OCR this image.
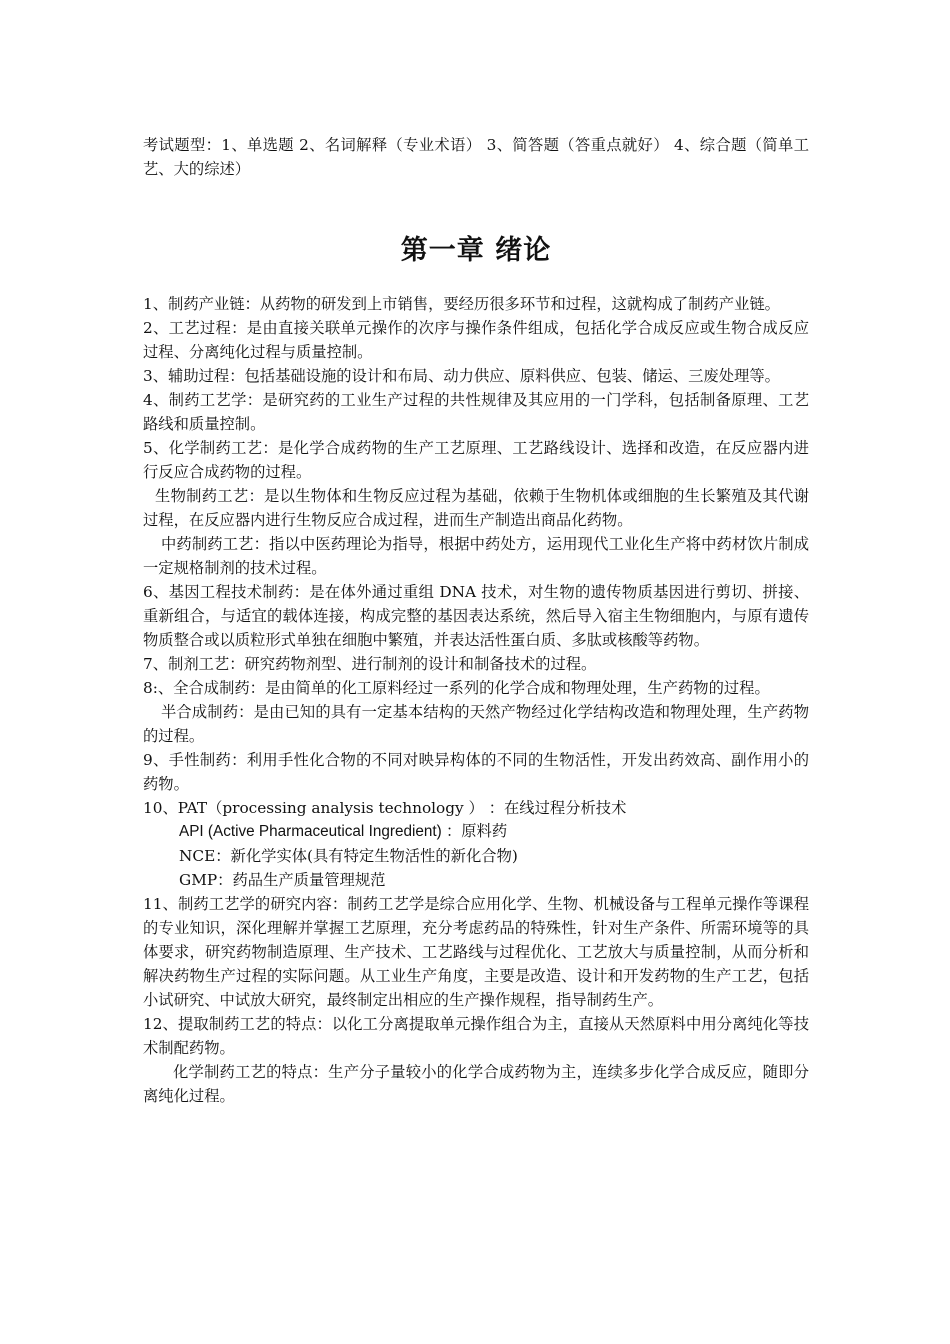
考试题型：1、单选题 2、名词解释（专业术语） 3、简答题（答重点就好） 4、综合题（简单工艺、大的综述）

第一章 绪论

1、制药产业链：从药物的研发到上市销售，要经历很多环节和过程，这就构成了制药产业链。

2、工艺过程：是由直接关联单元操作的次序与操作条件组成，包括化学合成反应或生物合成反应过程、分离纯化过程与质量控制。

3、辅助过程：包括基础设施的设计和布局、动力供应、原料供应、包装、储运、三废处理等。

4、制药工艺学：是研究药的工业生产过程的共性规律及其应用的一门学科，包括制备原理、工艺路线和质量控制。

5、化学制药工艺：是化学合成药物的生产工艺原理、工艺路线设计、选择和改造，在反应器内进行反应合成药物的过程。

生物制药工艺：是以生物体和生物反应过程为基础，依赖于生物机体或细胞的生长繁殖及其代谢过程，在反应器内进行生物反应合成过程，进而生产制造出商品化药物。

中药制药工艺：指以中医药理论为指导，根据中药处方，运用现代工业化生产将中药材饮片制成一定规格制剂的技术过程。

6、基因工程技术制药：是在体外通过重组 DNA 技术，对生物的遗传物质基因进行剪切、拼接、重新组合，与适宜的载体连接，构成完整的基因表达系统，然后导入宿主生物细胞内，与原有遗传物质整合或以质粒形式单独在细胞中繁殖，并表达活性蛋白质、多肽或核酸等药物。

7、制剂工艺：研究药物剂型、进行制剂的设计和制备技术的过程。

8:、全合成制药：是由简单的化工原料经过一系列的化学合成和物理处理，生产药物的过程。

半合成制药：是由已知的具有一定基本结构的天然产物经过化学结构改造和物理处理，生产药物的过程。

9、手性制药：利用手性化合物的不同对映异构体的不同的生物活性，开发出药效高、副作用小的药物。

10、PAT（processing analysis technology ） ：在线过程分析技术

API (Active Pharmaceutical Ingredient) ：原料药

NCE：新化学实体(具有特定生物活性的新化合物)

GMP：药品生产质量管理规范

11、制药工艺学的研究内容：制药工艺学是综合应用化学、生物、机械设备与工程单元操作等课程的专业知识，深化理解并掌握工艺原理，充分考虑药品的特殊性，针对生产条件、所需环境等的具体要求，研究药物制造原理、生产技术、工艺路线与过程优化、工艺放大与质量控制，从而分析和解决药物生产过程的实际问题。从工业生产角度，主要是改造、设计和开发药物的生产工艺，包括小试研究、中试放大研究，最终制定出相应的生产操作规程，指导制药生产。

12、提取制药工艺的特点：以化工分离提取单元操作组合为主，直接从天然原料中用分离纯化等技术制配药物。

化学制药工艺的特点：生产分子量较小的化学合成药物为主，连续多步化学合成反应，随即分离纯化过程。
